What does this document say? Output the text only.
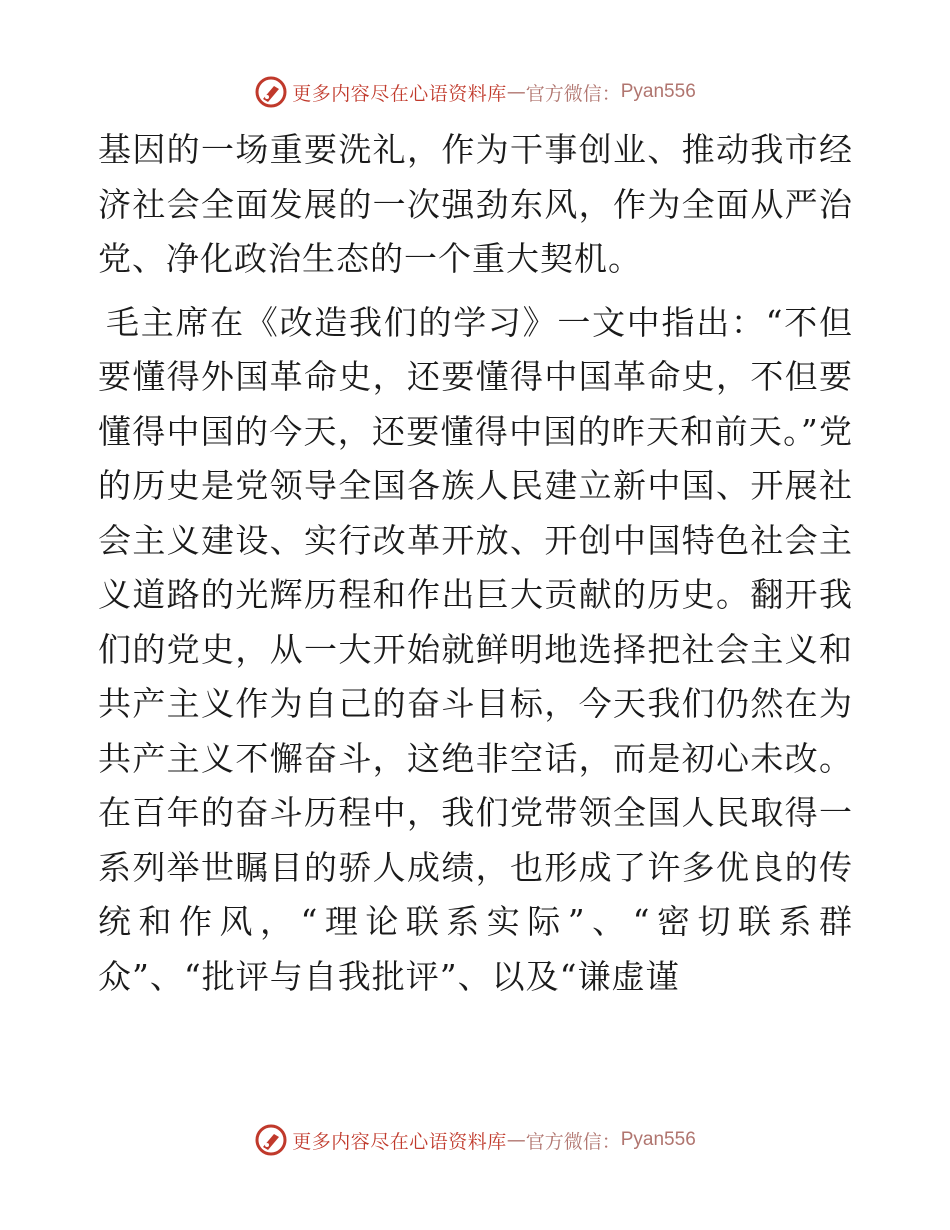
更多内容尽在心语资料库 — 官方微信： Pyan556

基因的一场重要洗礼，作为干事创业、推动我市经济社会全面发展的一次强劲东风，作为全面从严治党、净化政治生态的一个重大契机。

毛主席在《改造我们的学习》一文中指出：“不但要懂得外国革命史，还要懂得中国革命史，不但要懂得中国的今天，还要懂得中国的昨天和前天。”党的历史是党领导全国各族人民建立新中国、开展社会主义建设、实行改革开放、开创中国特色社会主义道路的光辉历程和作出巨大贡献的历史。翻开我们的党史，从一大开始就鲜明地选择把社会主义和共产主义作为自己的奋斗目标，今天我们仍然在为共产主义不懈奋斗，这绝非空话，而是初心未改。在百年的奋斗历程中，我们党带领全国人民取得一系列举世瞩目的骄人成绩，也形成了许多优良的传统和作风，“理论联系实际”、“密切联系群众”、“批评与自我批评”、以及“谦虚谨

更多内容尽在心语资料库 — 官方微信： Pyan556
